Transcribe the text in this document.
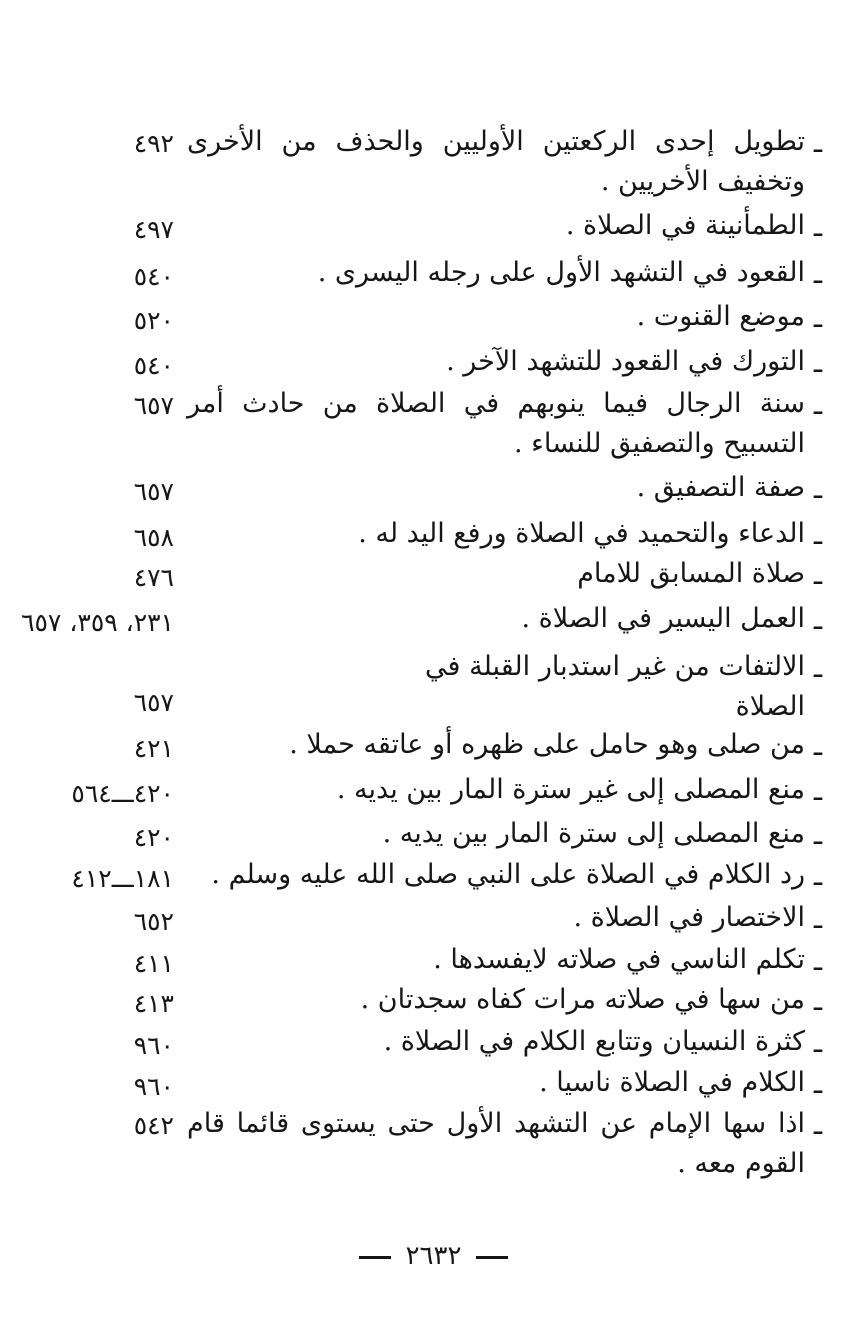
ـ
تطويل إحدى الركعتين الأوليين والحذف من الأخرى وتخفيف الأخريين .
٤٩٢
ـ
الطمأنينة في الصلاة .
٤٩٧
ـ
القعود في التشهد الأول على رجله اليسرى .
٥٤٠
ـ
موضع القنوت .
٥٢٠
ـ
التورك في القعود للتشهد الآخر .
٥٤٠
ـ
سنة الرجال فيما ينوبهم في الصلاة من حادث أمر التسبيح والتصفيق للنساء .
٦٥٧
ـ
صفة التصفيق .
٦٥٧
ـ
الدعاء والتحميد في الصلاة ورفع اليد له .
٦٥٨
ـ
صلاة المسابق للامام
٤٧٦
ـ
العمل اليسير في الصلاة .
٢٣١، ٣٥٩، ٦٥٧
ـ
الالتفات من غير استدبار القبلة في الصلاة
٦٥٧
ـ
من صلى وهو حامل على ظهره أو عاتقه حملا .
٤٢١
ـ
منع المصلى إلى غير سترة المار بين يديه .
٤٢٠ـــ٥٦٤
ـ
منع المصلى إلى سترة المار بين يديه .
٤٢٠
ـ
رد الكلام في الصلاة على النبي صلى الله عليه وسلم .
١٨١ـــ٤١٢
ـ
الاختصار في الصلاة .
٦٥٢
ـ
تكلم الناسي في صلاته لايفسدها .
٤١١
ـ
من سها في صلاته مرات كفاه سجدتان .
٤١٣
ـ
كثرة النسيان وتتابع الكلام في الصلاة .
٩٦٠
ـ
الكلام في الصلاة ناسيا .
٩٦٠
ـ
اذا سها الإمام عن التشهد الأول حتى يستوى قائما قام القوم معه .
٥٤٢
٢٦٣٢
